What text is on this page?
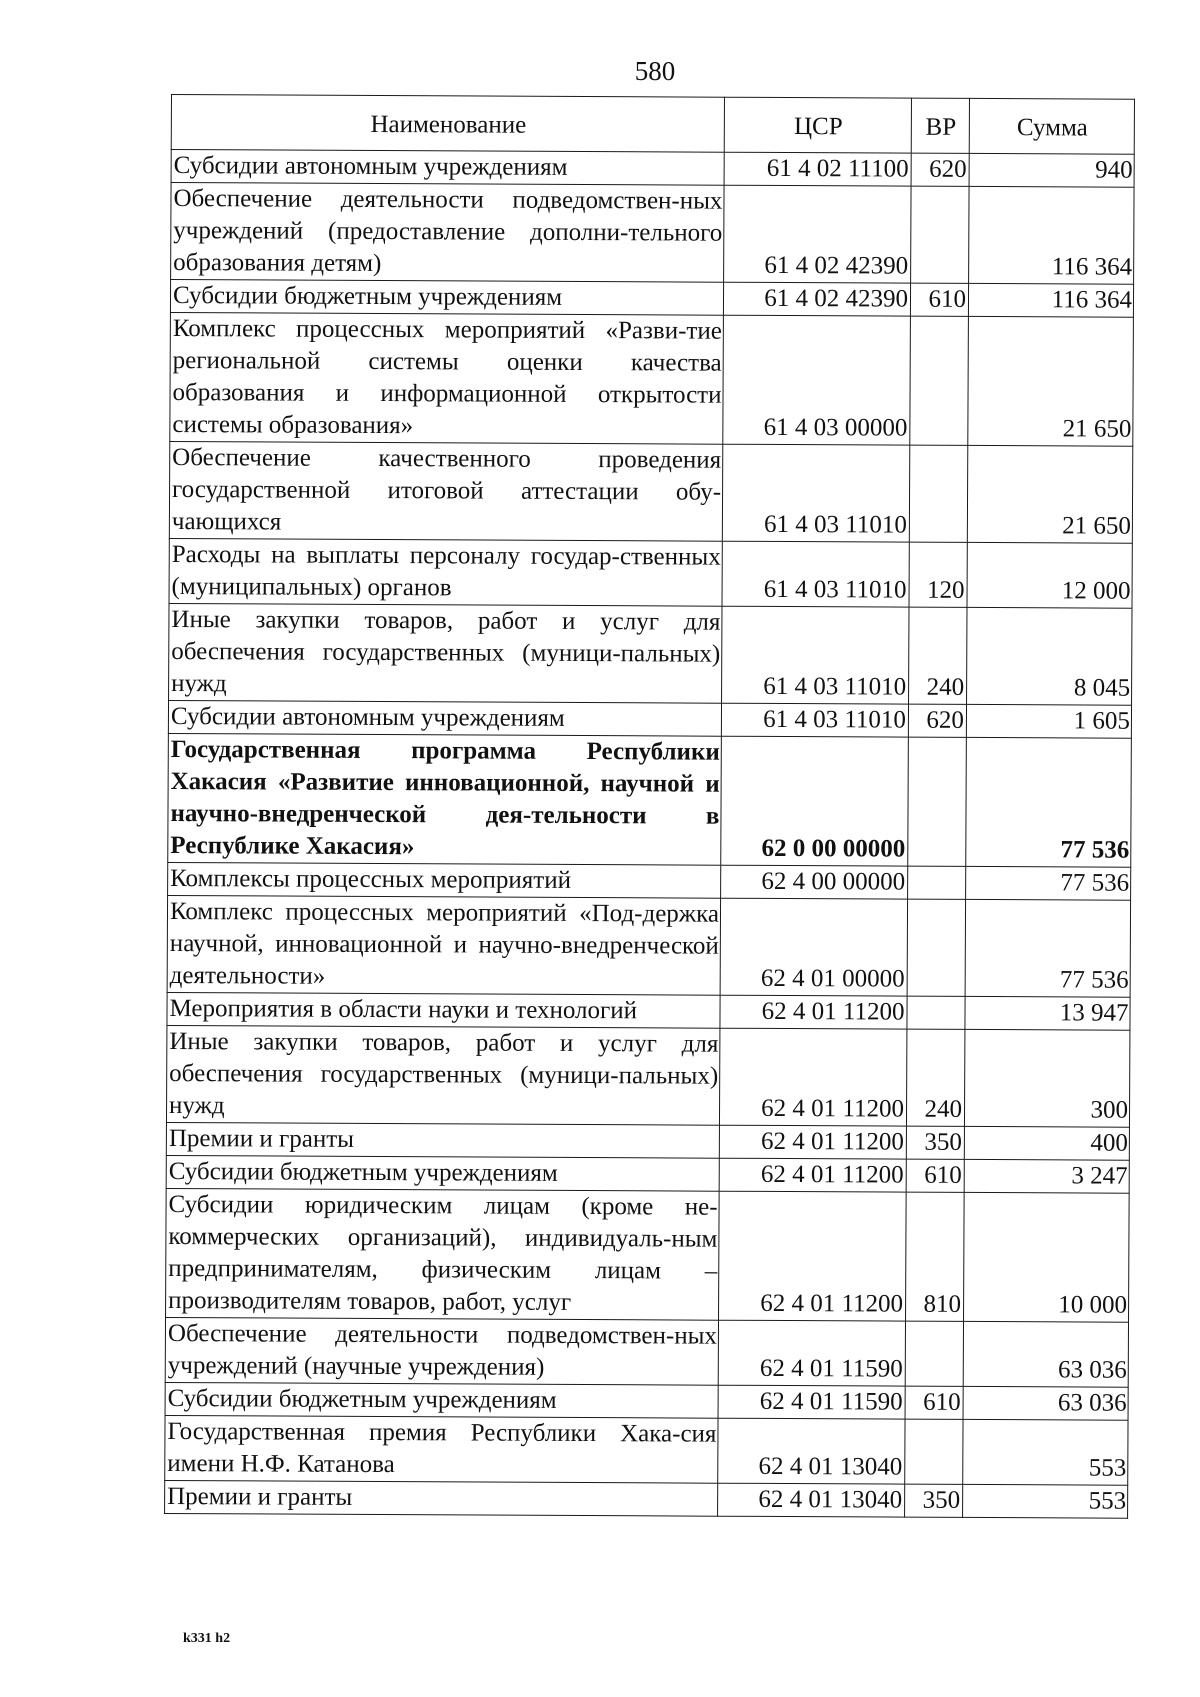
580
Наименование	ЦСР	ВР	Сумма
Субсидии автономным учреждениям	61 4 02 11100	620	940
Обеспечение деятельности подведомствен-ных учреждений (предоставление дополни-тельного образования детям)	61 4 02 42390		116 364
Субсидии бюджетным учреждениям	61 4 02 42390	610	116 364
Комплекс процессных мероприятий «Разви-тие региональной системы оценки качества образования и информационной открытости системы образования»	61 4 03 00000		21 650
Обеспечение качественного проведения государственной итоговой аттестации обу-чающихся	61 4 03 11010		21 650
Расходы на выплаты персоналу государ-ственных (муниципальных) органов	61 4 03 11010	120	12 000
Иные закупки товаров, работ и услуг для обеспечения государственных (муници-пальных) нужд	61 4 03 11010	240	8 045
Субсидии автономным учреждениям	61 4 03 11010	620	1 605
Государственная программа Республики Хакасия «Развитие инновационной, научной и научно-внедренческой дея-тельности в Республике Хакасия»	62 0 00 00000		77 536
Комплексы процессных мероприятий	62 4 00 00000		77 536
Комплекс процессных мероприятий «Под-держка научной, инновационной и научно-внедренческой деятельности»	62 4 01 00000		77 536
Мероприятия в области науки и технологий	62 4 01 11200		13 947
Иные закупки товаров, работ и услуг для обеспечения государственных (муници-пальных) нужд	62 4 01 11200	240	300
Премии и гранты	62 4 01 11200	350	400
Субсидии бюджетным учреждениям	62 4 01 11200	610	3 247
Субсидии юридическим лицам (кроме не-коммерческих организаций), индивидуаль-ным предпринимателям, физическим лицам – производителям товаров, работ, услуг	62 4 01 11200	810	10 000
Обеспечение деятельности подведомствен-ных учреждений (научные учреждения)	62 4 01 11590		63 036
Субсидии бюджетным учреждениям	62 4 01 11590	610	63 036
Государственная премия Республики Хака-сия имени Н.Ф. Катанова	62 4 01 13040		553
Премии и гранты	62 4 01 13040	350	553
k331 h2
